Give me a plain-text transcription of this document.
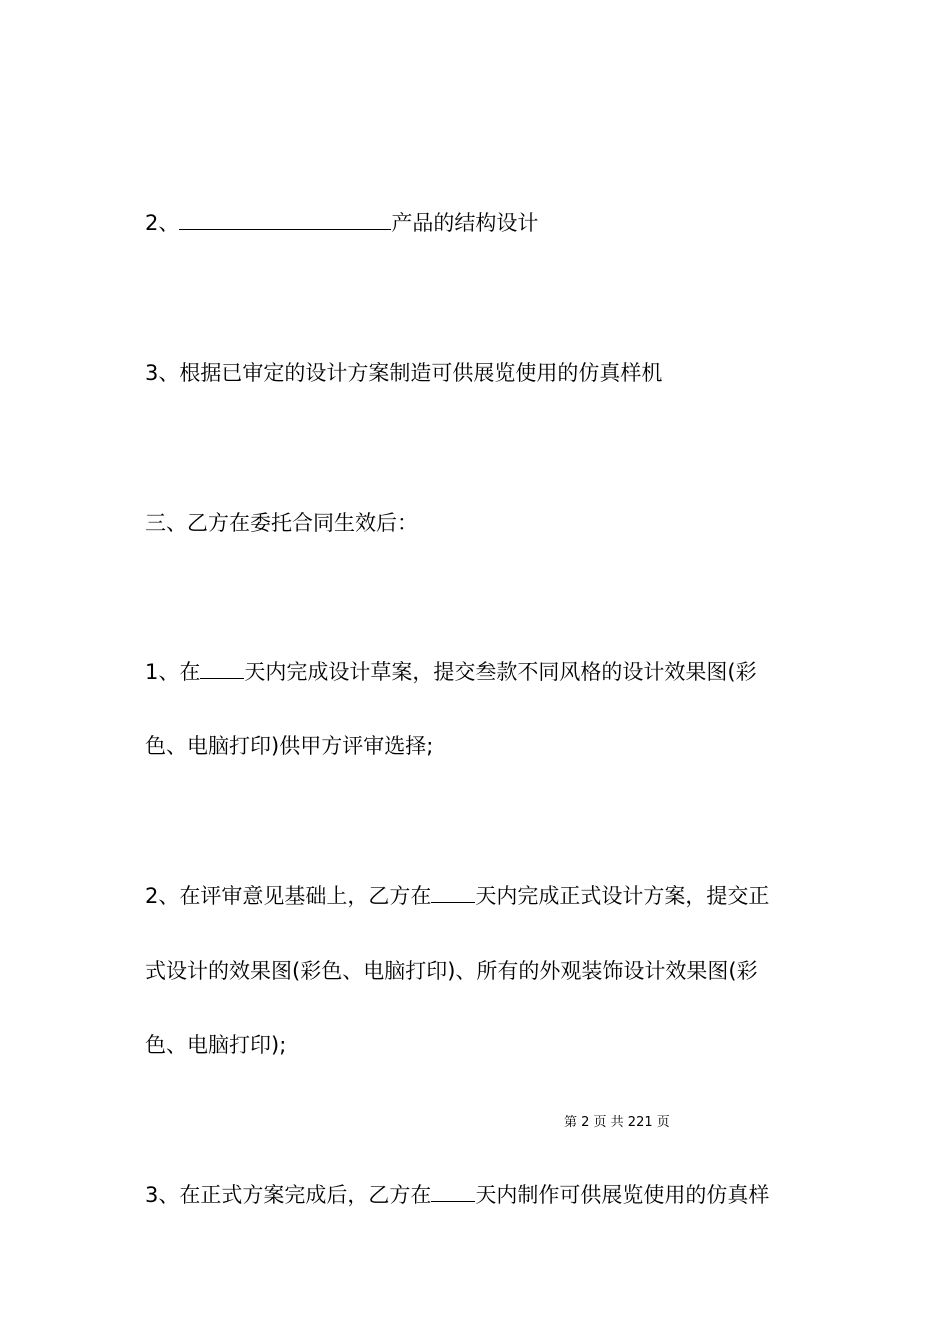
2、	产品的结构设计
3、根据已审定的设计方案制造可供展览使用的仿真样机
三、乙方在委托合同生效后：
1、在 天内完成设计草案，提交叁款不同风格的设计效果图(彩
色、电脑打印)供甲方评审选择;
2、在评审意见基础上，乙方在 天内完成正式设计方案，提交正
式设计的效果图(彩色、电脑打印)、所有的外观装饰设计效果图(彩
色、电脑打印);
第 2 页 共 221 页
3、在正式方案完成后，乙方在 天内制作可供展览使用的仿真样
